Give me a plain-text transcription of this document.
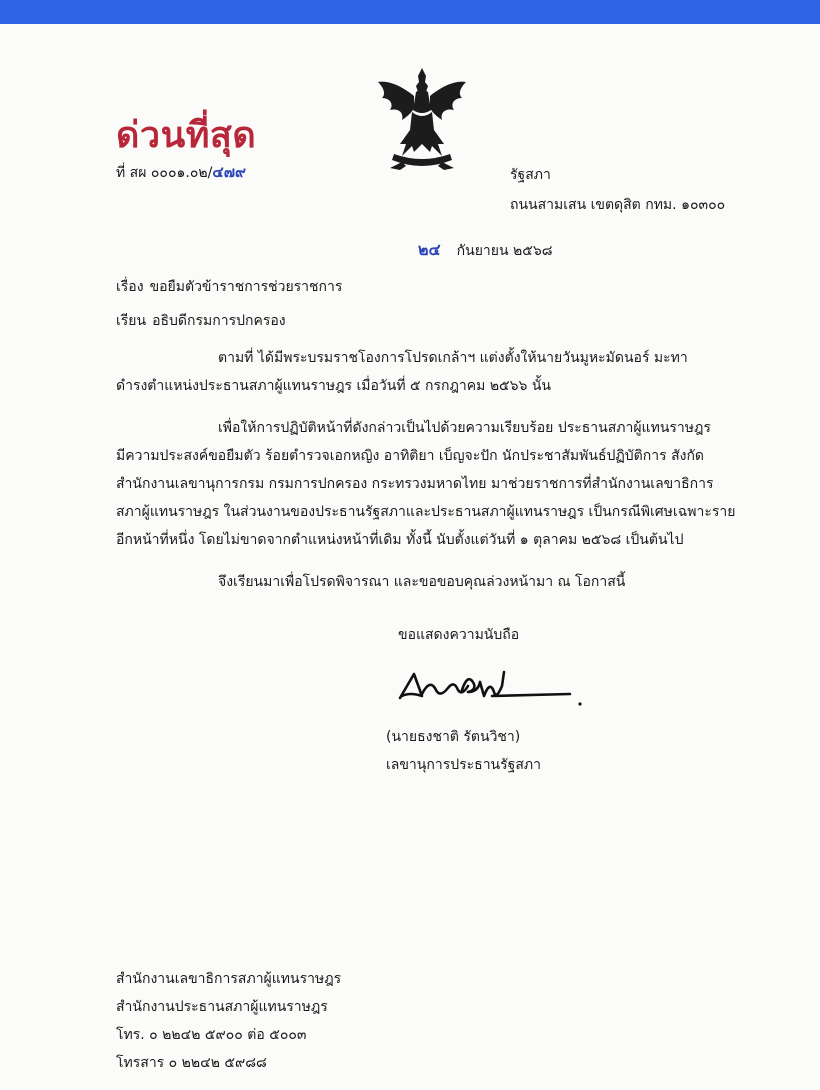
ด่วนที่สุด
ที่ สผ ๐๐๐๑.๐๒/๔๗๙	รัฐสภา
ถนนสามเสน เขตดุสิต กทม. ๑๐๓๐๐
๒๔ กันยายน ๒๕๖๘
เรื่อง ขอยืมตัวข้าราชการช่วยราชการ
เรียน อธิบดีกรมการปกครอง
ตามที่ ได้มีพระบรมราชโองการโปรดเกล้าฯ แต่งตั้งให้นายวันมูหะมัดนอร์ มะทา
ดำรงตำแหน่งประธานสภาผู้แทนราษฎร เมื่อวันที่ ๕ กรกฎาคม ๒๕๖๖ นั้น
เพื่อให้การปฏิบัติหน้าที่ดังกล่าวเป็นไปด้วยความเรียบร้อย ประธานสภาผู้แทนราษฎร
มีความประสงค์ขอยืมตัว ร้อยตำรวจเอกหญิง อาทิติยา เบ็ญจะปัก นักประชาสัมพันธ์ปฏิบัติการ สังกัด
สำนักงานเลขานุการกรม กรมการปกครอง กระทรวงมหาดไทย มาช่วยราชการที่สำนักงานเลขาธิการ
สภาผู้แทนราษฎร ในส่วนงานของประธานรัฐสภาและประธานสภาผู้แทนราษฎร เป็นกรณีพิเศษเฉพาะราย
อีกหน้าที่หนึ่ง โดยไม่ขาดจากตำแหน่งหน้าที่เดิม ทั้งนี้ นับตั้งแต่วันที่ ๑ ตุลาคม ๒๕๖๘ เป็นต้นไป
จึงเรียนมาเพื่อโปรดพิจารณา และขอขอบคุณล่วงหน้ามา ณ โอกาสนี้
ขอแสดงความนับถือ
(นายธงชาติ รัตนวิชา)
เลขานุการประธานรัฐสภา
สำนักงานเลขาธิการสภาผู้แทนราษฎร
สำนักงานประธานสภาผู้แทนราษฎร
โทร. ๐ ๒๒๔๒ ๕๙๐๐ ต่อ ๕๐๐๓
โทรสาร ๐ ๒๒๔๒ ๕๙๘๘
